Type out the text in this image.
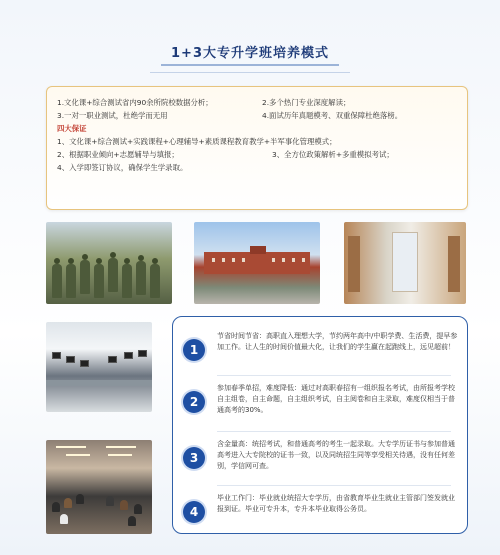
1+3大专升学班培养模式
1.文化课+综合测试省内90余所院校数据分析；	2.多个热门专业深度解读；
3.一对一职业测试，杜绝学而无用	4.面试历年真题模考、双重保障杜绝落榜。
四大保证
1、文化课+综合测试+实践课程+心理辅导+素质课程教育教学+半军事化管理模式；
2、根据职业倾向+志愿辅导与填报；	3、全方位政策解析+多重模拟考试；
4、入学即签订协议，确保学生学录取。
1
节省时间节省：高职直入理想大学，节约两年高中/中职学费、生活费，提早参加工作。让人生的时间价值最大化，让我们的学生赢在起跑线上，远见超前！
2
参加春季单招，难度降低：通过对高职春招有一组织报名考试，由所报考学校自主组卷，自主命题，自主组织考试，自主阅卷和自主录取，难度仅相当于普通高考的30%。
3
含金量高：统招考试，和普通高考的考生一起录取。大专学历证书与参加普通高考进入大专院校的证书一致，以及同统招生同等享受相关待遇，没有任何差别，学信网可查。
4
毕业工作门：毕业就业统招大专学历，由省教育毕业生就业主管部门签发就业报到证。毕业可专升本，专升本毕业取得公务员。
